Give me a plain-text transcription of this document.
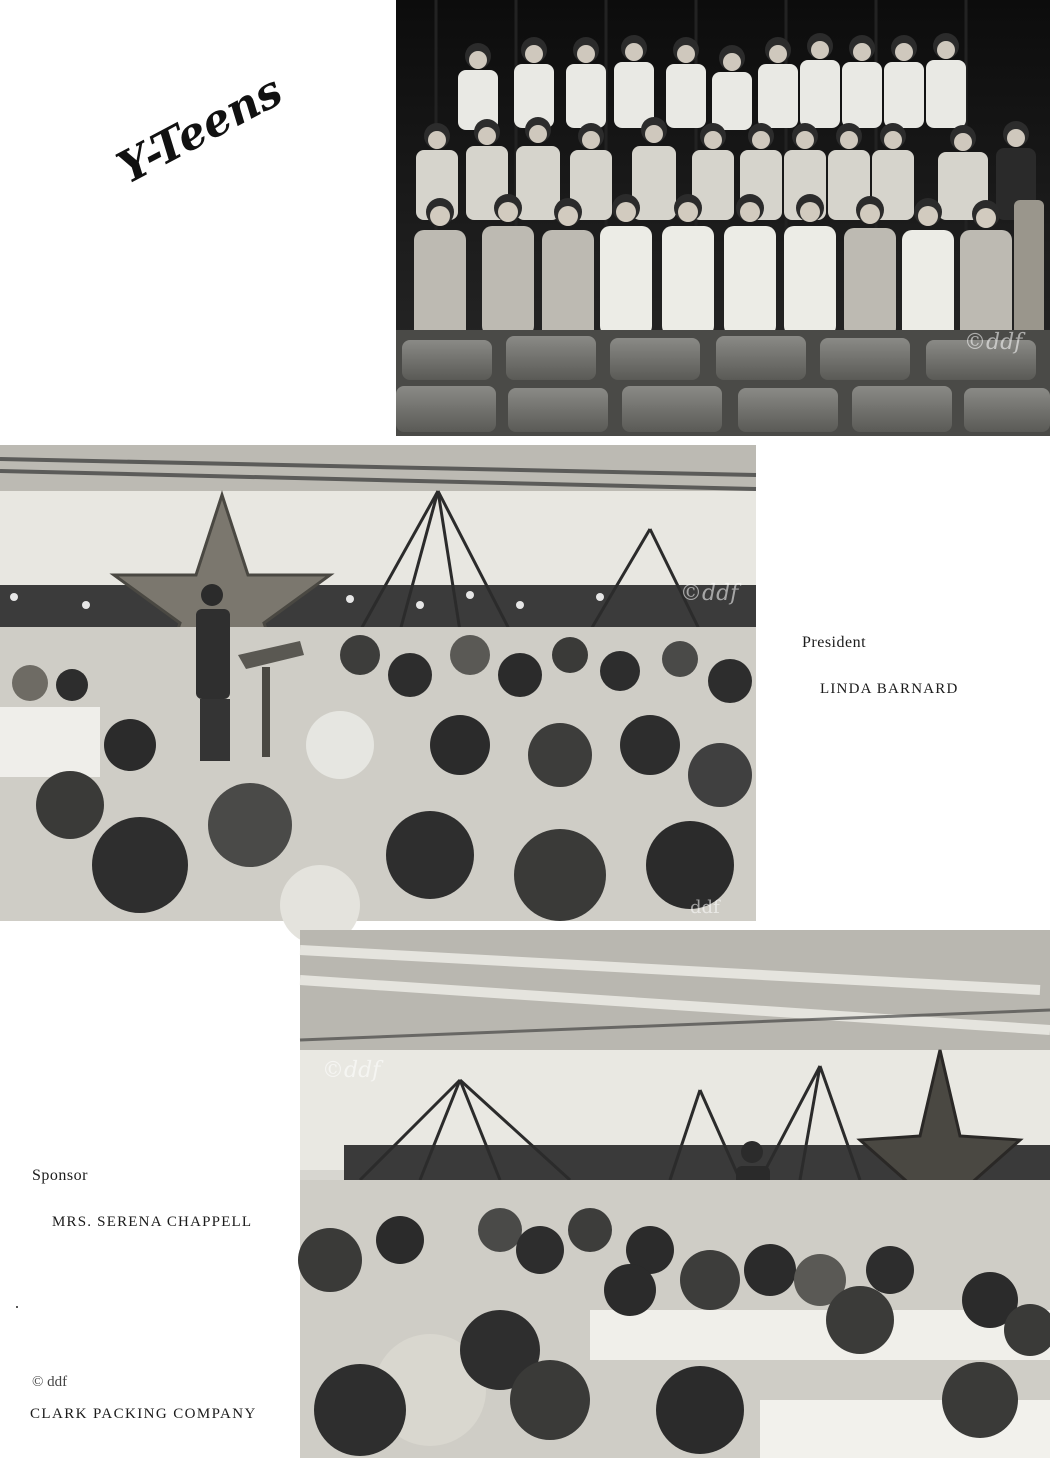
Y-Teens
©ddf
©ddf
ddf
President
LINDA BARNARD
©ddf
Sponsor
MRS. SERENA CHAPPELL
© ddf
CLARK PACKING COMPANY
